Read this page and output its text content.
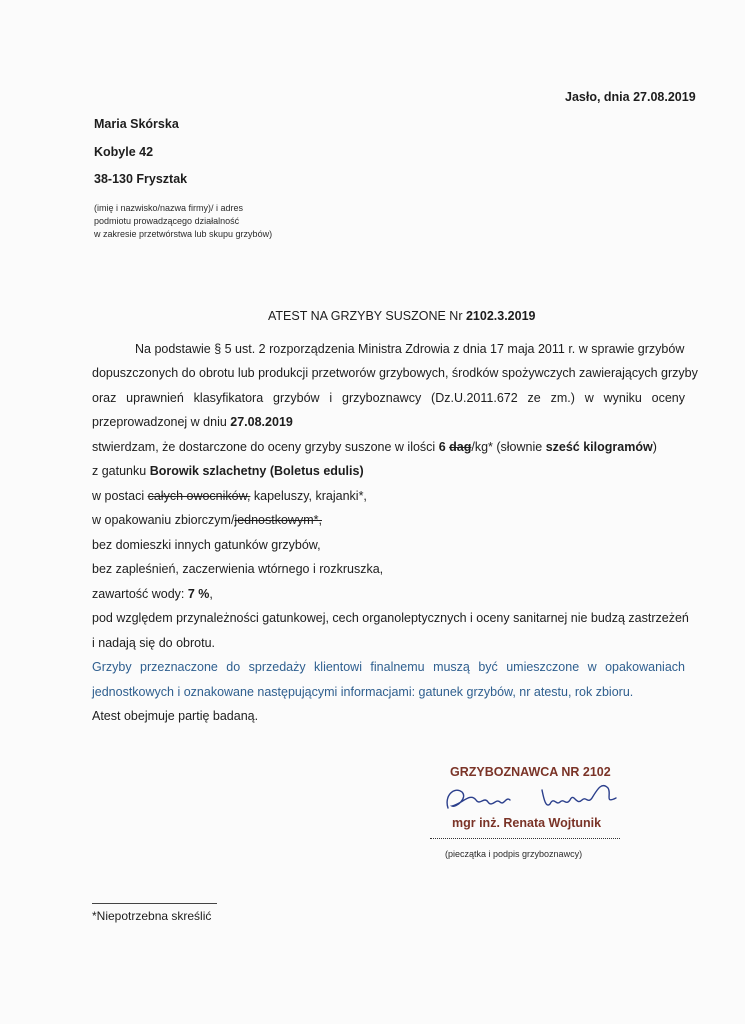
Jasło, dnia 27.08.2019
Maria Skórska
Kobyle 42
38-130 Frysztak
(imię i nazwisko/nazwa firmy)/ i adres
podmiotu prowadzącego działalność
w zakresie przetwórstwa lub skupu grzybów)
ATEST NA GRZYBY SUSZONE Nr 2102.3.2019
Na podstawie § 5 ust. 2 rozporządzenia Ministra Zdrowia z dnia 17 maja 2011 r. w sprawie grzybów
dopuszczonych do obrotu lub produkcji przetworów grzybowych, środków spożywczych zawierających grzyby
oraz uprawnień klasyfikatora grzybów i grzyboznawcy (Dz.U.2011.672 ze zm.) w wyniku oceny
przeprowadzonej w dniu 27.08.2019
stwierdzam, że dostarczone do oceny grzyby suszone w ilości 6 dag/kg* (słownie sześć kilogramów)
z gatunku Borowik szlachetny (Boletus edulis)
w postaci całych owocników, kapeluszy, krajanki*,
w opakowaniu zbiorczym/jednostkowym*,
bez domieszki innych gatunków grzybów,
bez zapleśnień, zaczerwienia wtórnego i rozkruszka,
zawartość wody: 7 %,
pod względem przynależności gatunkowej, cech organoleptycznych i oceny sanitarnej nie budzą zastrzeżeń
i nadają się do obrotu.
Grzyby przeznaczone do sprzedaży klientowi finalnemu muszą być umieszczone w opakowaniach
jednostkowych i oznakowane następującymi informacjami: gatunek grzybów, nr atestu, rok zbioru.
Atest obejmuje partię badaną.
GRZYBOZNAWCA NR 2102
mgr inż. Renata Wojtunik
(pieczątka i podpis grzyboznawcy)
*Niepotrzebna skreślić
